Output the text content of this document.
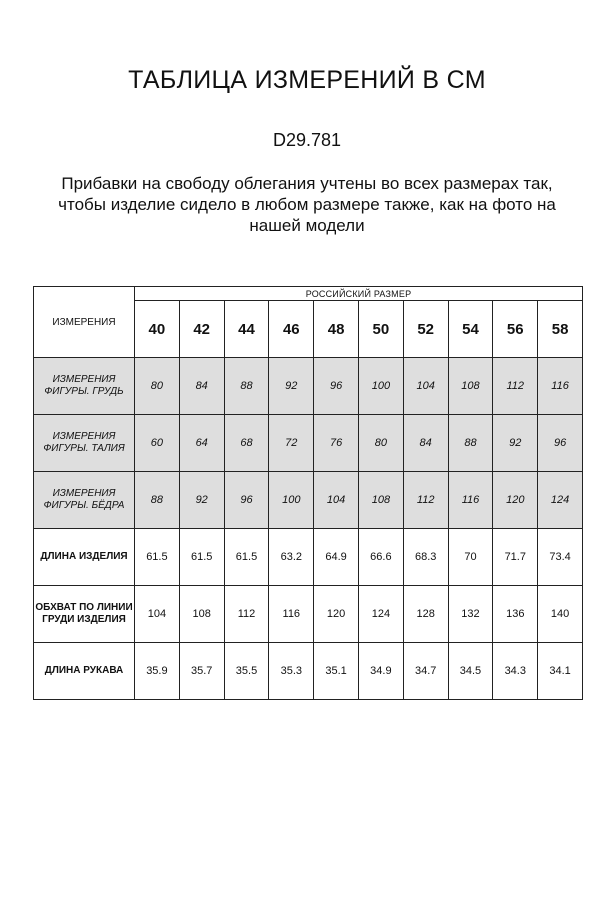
ТАБЛИЦА ИЗМЕРЕНИЙ В СМ
D29.781
Прибавки на свободу облегания учтены во всех размерах так, чтобы изделие сидело в любом размере также, как на фото на нашей модели
ИЗМЕРЕНИЯ	РОССИЙСКИЙ РАЗМЕР									
	40	42	44	46	48	50	52	54	56	58
ИЗМЕРЕНИЯ ФИГУРЫ. ГРУДЬ	80	84	88	92	96	100	104	108	112	116
ИЗМЕРЕНИЯ ФИГУРЫ. ТАЛИЯ	60	64	68	72	76	80	84	88	92	96
ИЗМЕРЕНИЯ ФИГУРЫ. БЁДРА	88	92	96	100	104	108	112	116	120	124
ДЛИНА ИЗДЕЛИЯ	61.5	61.5	61.5	63.2	64.9	66.6	68.3	70	71.7	73.4
ОБХВАТ ПО ЛИНИИ ГРУДИ ИЗДЕЛИЯ	104	108	112	116	120	124	128	132	136	140
ДЛИНА РУКАВА	35.9	35.7	35.5	35.3	35.1	34.9	34.7	34.5	34.3	34.1
